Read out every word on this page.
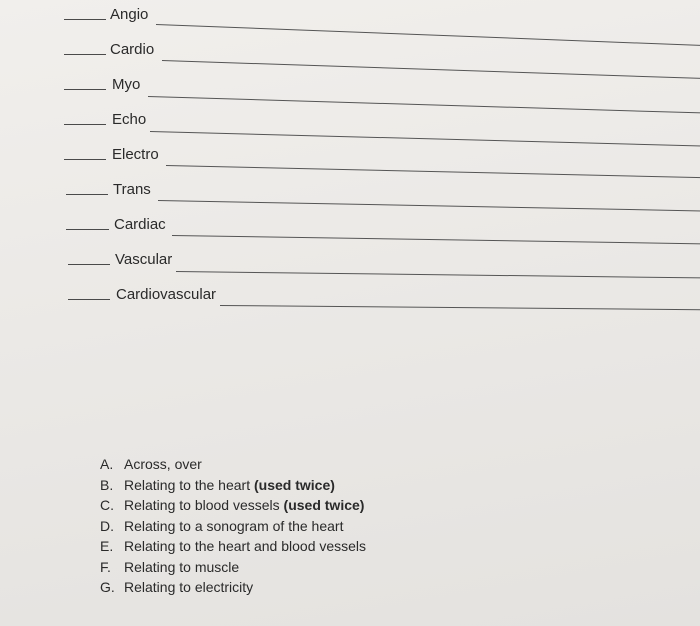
Angio
Cardio
Myo
Echo
Electro
Trans
Cardiac
Vascular
Cardiovascular
A. Across, over
B. Relating to the heart (used twice)
C. Relating to blood vessels (used twice)
D. Relating to a sonogram of the heart
E. Relating to the heart and blood vessels
F. Relating to muscle
G. Relating to electricity
